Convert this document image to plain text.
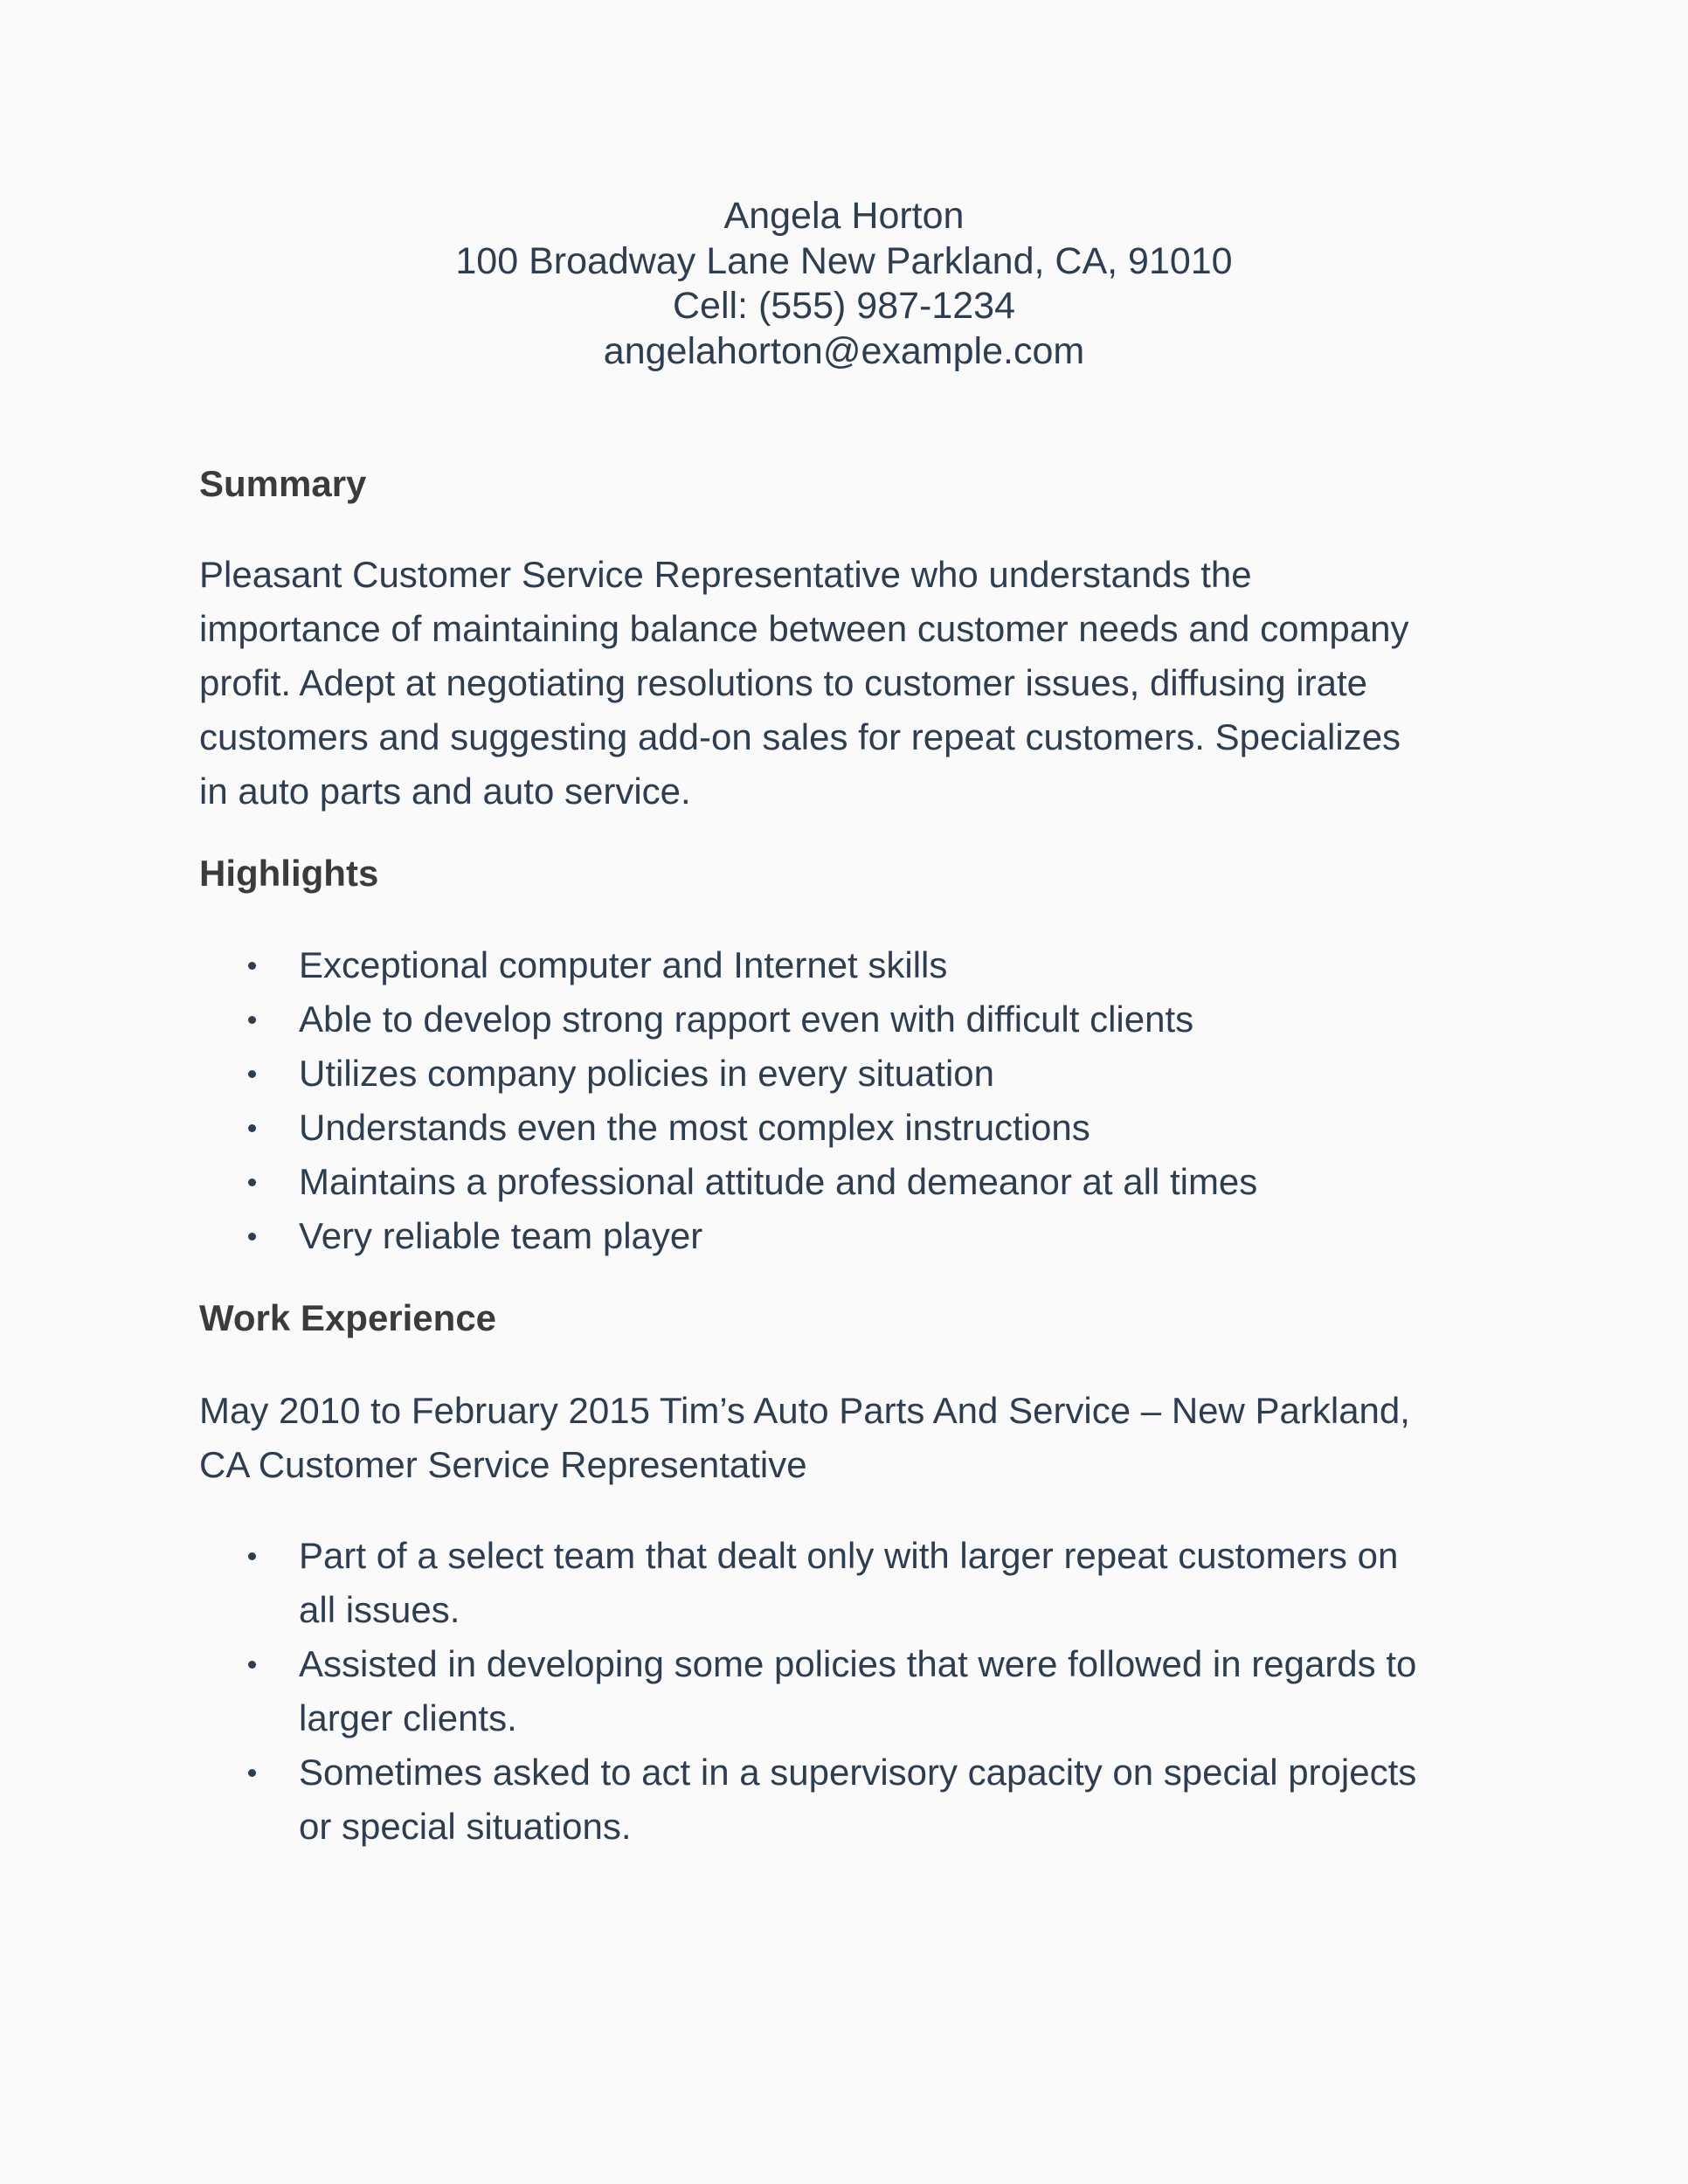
Angela Horton
100 Broadway Lane New Parkland, CA, 91010
Cell: (555) 987-1234
angelahorton@example.com
Summary
Pleasant Customer Service Representative who understands the
importance of maintaining balance between customer needs and company
profit. Adept at negotiating resolutions to customer issues, diffusing irate
customers and suggesting add-on sales for repeat customers. Specializes
in auto parts and auto service.
Highlights
Exceptional computer and Internet skills
Able to develop strong rapport even with difficult clients
Utilizes company policies in every situation
Understands even the most complex instructions
Maintains a professional attitude and demeanor at all times
Very reliable team player
Work Experience
May 2010 to February 2015 Tim’s Auto Parts And Service – New Parkland,
CA Customer Service Representative
Part of a select team that dealt only with larger repeat customers on
all issues.
Assisted in developing some policies that were followed in regards to
larger clients.
Sometimes asked to act in a supervisory capacity on special projects
or special situations.
